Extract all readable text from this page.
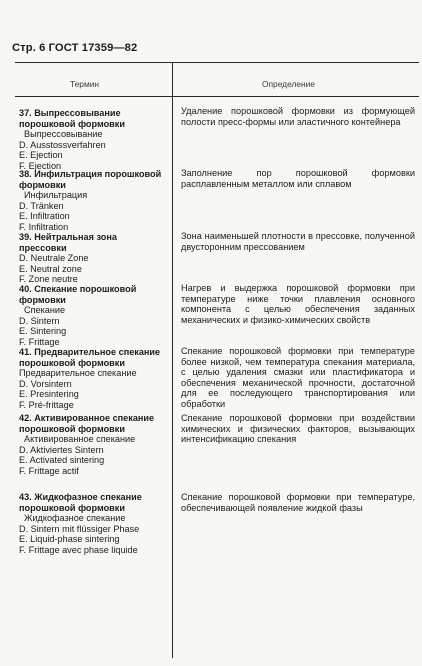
Стр. 6 ГОСТ 17359—82
Термин	Определение
37. Выпрессовывание порошковой формовки
Выпрессовывание
D. Ausstossverfahren
E. Ejection
F. Ejection
Удаление порошковой формовки из формующей полости пресс-формы или эластичного контейнера
38. Инфильтрация порошковой формовки
Инфильтрация
D. Tränken
E. Infiltration
F. Infiltration
Заполнение пор порошковой формовки расплавленным металлом или сплавом
39. Нейтральная зона прессовки
D. Neutrale Zone
E. Neutral zone
F. Zone neutre
Зона наименьшей плотности в прессовке, полученной двусторонним прессованием
40. Спекание порошковой формовки
Спекание
D. Sintern
E. Sintering
F. Frittage
Нагрев и выдержка порошковой формовки при температуре ниже точки плавления основного компонента с целью обеспечения заданных механических и физико-химических свойств
41. Предварительное спекание порошковой формовки
Предварительное спекание
D. Vorsintern
E. Presintering
F. Pré-frittage
Спекание порошковой формовки при температуре более низкой, чем температура спекания материала, с целью удаления смазки или пластификатора и обеспечения механической прочности, достаточной для ее последующего транспортирования или обработки
42. Активированное спекание порошковой формовки
Активированное спекание
D. Aktiviertes Sintern
E. Activated sintering
F. Frittage actif
Спекание порошковой формовки при воздействии химических и физических факторов, вызывающих интенсификацию спекания
43. Жидкофазное спекание порошковой формовки
Жидкофазное спекание
D. Sintern mit flüssiger Phase
E. Liquid-phase sintering
F. Frittage avec phase liquide
Спекание порошковой формовки при температуре, обеспечивающей появление жидкой фазы
